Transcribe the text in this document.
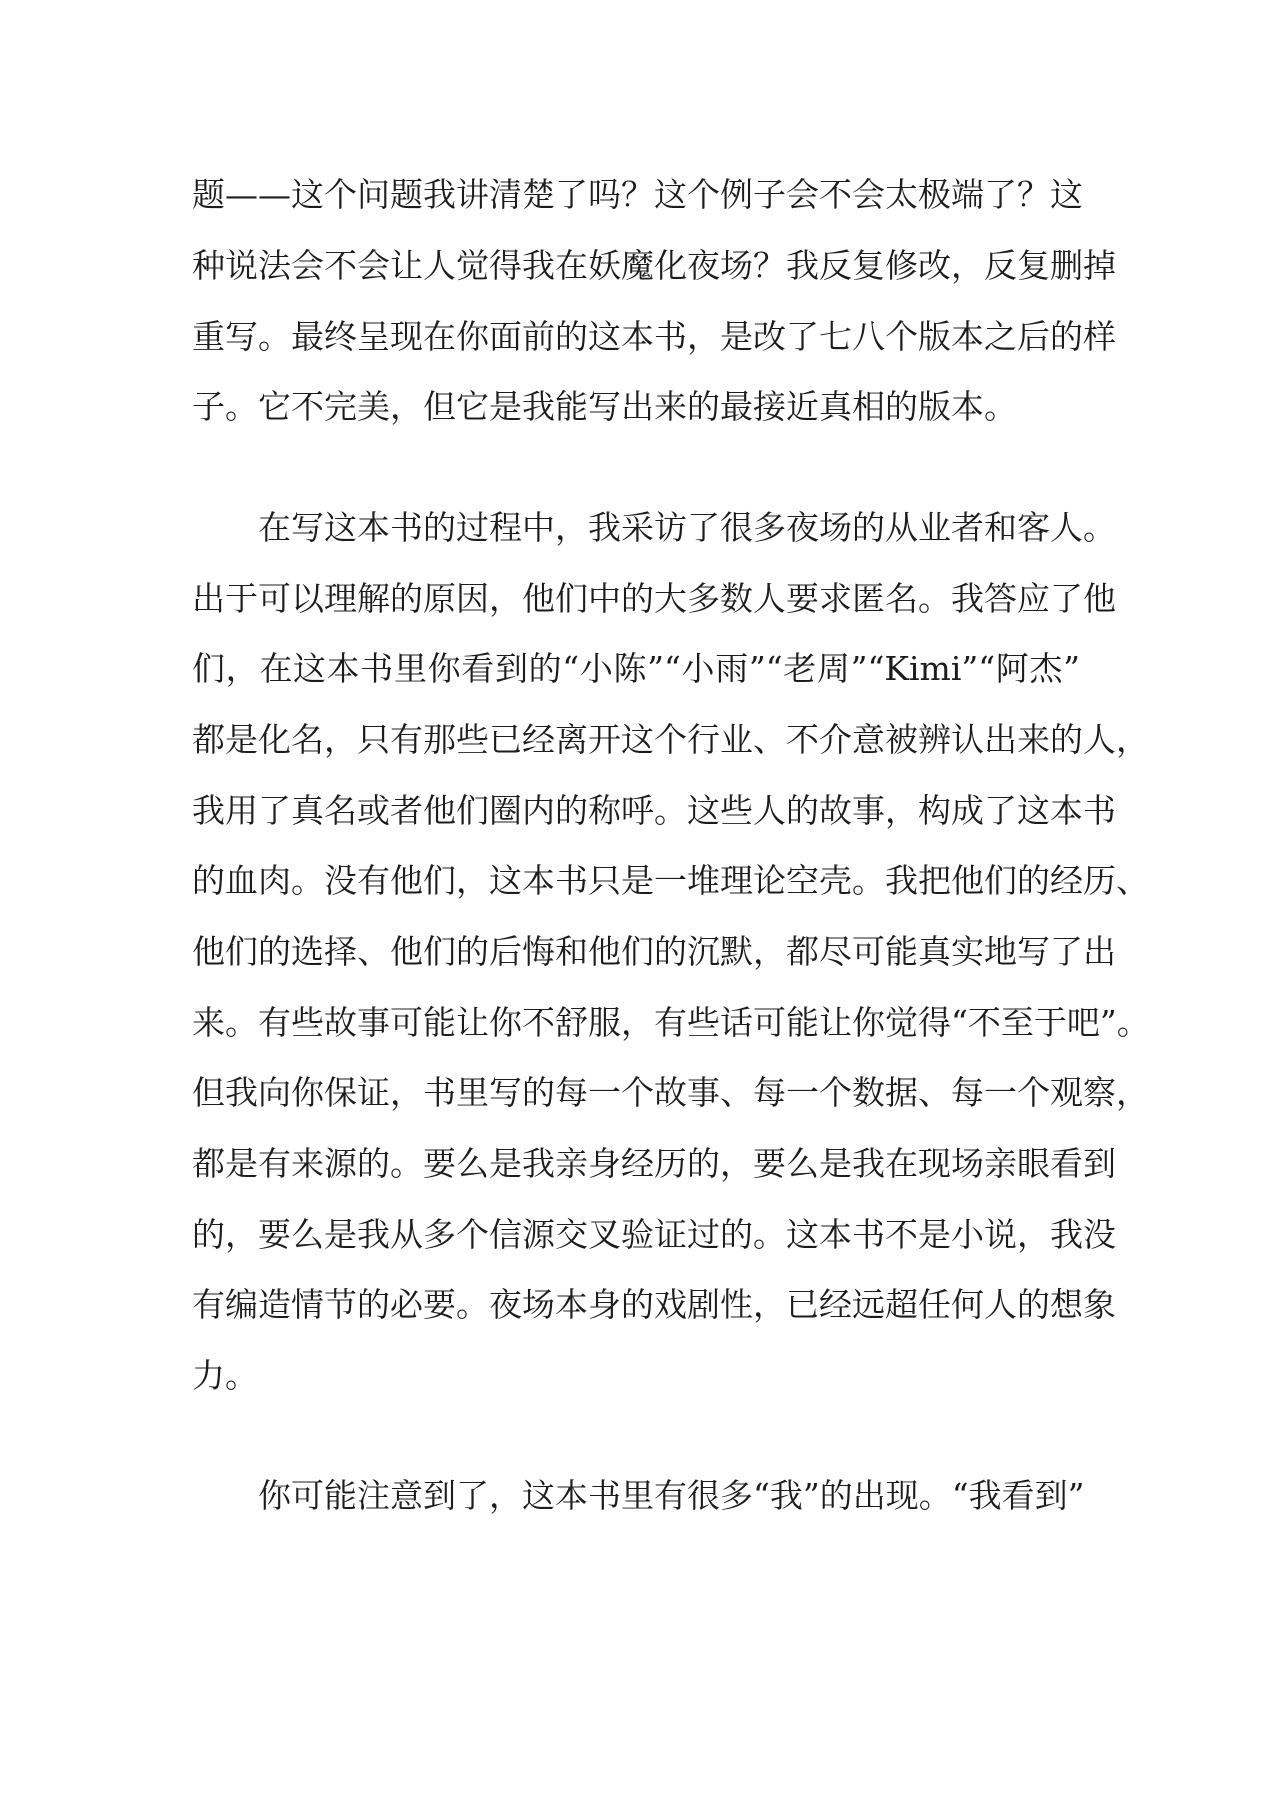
题——这个问题我讲清楚了吗？这个例子会不会太极端了？这
种说法会不会让人觉得我在妖魔化夜场？我反复修改，反复删掉
重写。最终呈现在你面前的这本书，是改了七八个版本之后的样
子。它不完美，但它是我能写出来的最接近真相的版本。
在写这本书的过程中，我采访了很多夜场的从业者和客人。
出于可以理解的原因，他们中的大多数人要求匿名。我答应了他
们，在这本书里你看到的“小陈”“小雨”“老周”“Kimi”“阿杰”
都是化名，只有那些已经离开这个行业、不介意被辨认出来的人，
我用了真名或者他们圈内的称呼。这些人的故事，构成了这本书
的血肉。没有他们，这本书只是一堆理论空壳。我把他们的经历、
他们的选择、他们的后悔和他们的沉默，都尽可能真实地写了出
来。有些故事可能让你不舒服，有些话可能让你觉得“不至于吧”。
但我向你保证，书里写的每一个故事、每一个数据、每一个观察，
都是有来源的。要么是我亲身经历的，要么是我在现场亲眼看到
的，要么是我从多个信源交叉验证过的。这本书不是小说，我没
有编造情节的必要。夜场本身的戏剧性，已经远超任何人的想象
力。
你可能注意到了，这本书里有很多“我”的出现。“我看到”
